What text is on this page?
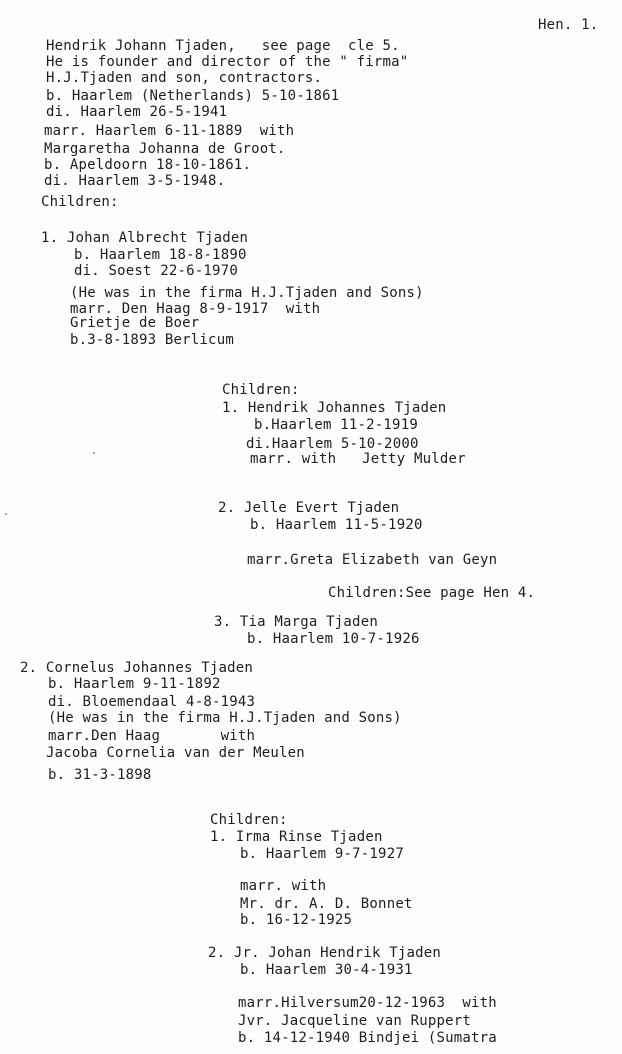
Hen. 1.
Hendrik Johann Tjaden,   see page  cle 5.
He is founder and director of the " firma"
H.J.Tjaden and son, contractors.
b. Haarlem (Netherlands) 5-10-1861
di. Haarlem 26-5-1941
marr. Haarlem 6-11-1889  with
Margaretha Johanna de Groot.
b. Apeldoorn 18-10-1861.
di. Haarlem 3-5-1948.
Children:
1. Johan Albrecht Tjaden
b. Haarlem 18-8-1890
di. Soest 22-6-1970
(He was in the firma H.J.Tjaden and Sons)
marr. Den Haag 8-9-1917  with
Grietje de Boer
b.3-8-1893 Berlicum
Children:
1. Hendrik Johannes Tjaden
b.Haarlem 11-2-1919
di.Haarlem 5-10-2000
marr. with   Jetty Mulder
2. Jelle Evert Tjaden
b. Haarlem 11-5-1920
marr.Greta Elizabeth van Geyn
Children:See page Hen 4.
3. Tia Marga Tjaden
b. Haarlem 10-7-1926
2. Cornelus Johannes Tjaden
b. Haarlem 9-11-1892
di. Bloemendaal 4-8-1943
(He was in the firma H.J.Tjaden and Sons)
marr.Den Haag       with
Jacoba Cornelia van der Meulen
b. 31-3-1898
Children:
1. Irma Rinse Tjaden
b. Haarlem 9-7-1927
marr. with
Mr. dr. A. D. Bonnet
b. 16-12-1925
2. Jr. Johan Hendrik Tjaden
b. Haarlem 30-4-1931
marr.Hilversum20-12-1963  with
Jvr. Jacqueline van Ruppert
b. 14-12-1940 Bindjei (Sumatra
